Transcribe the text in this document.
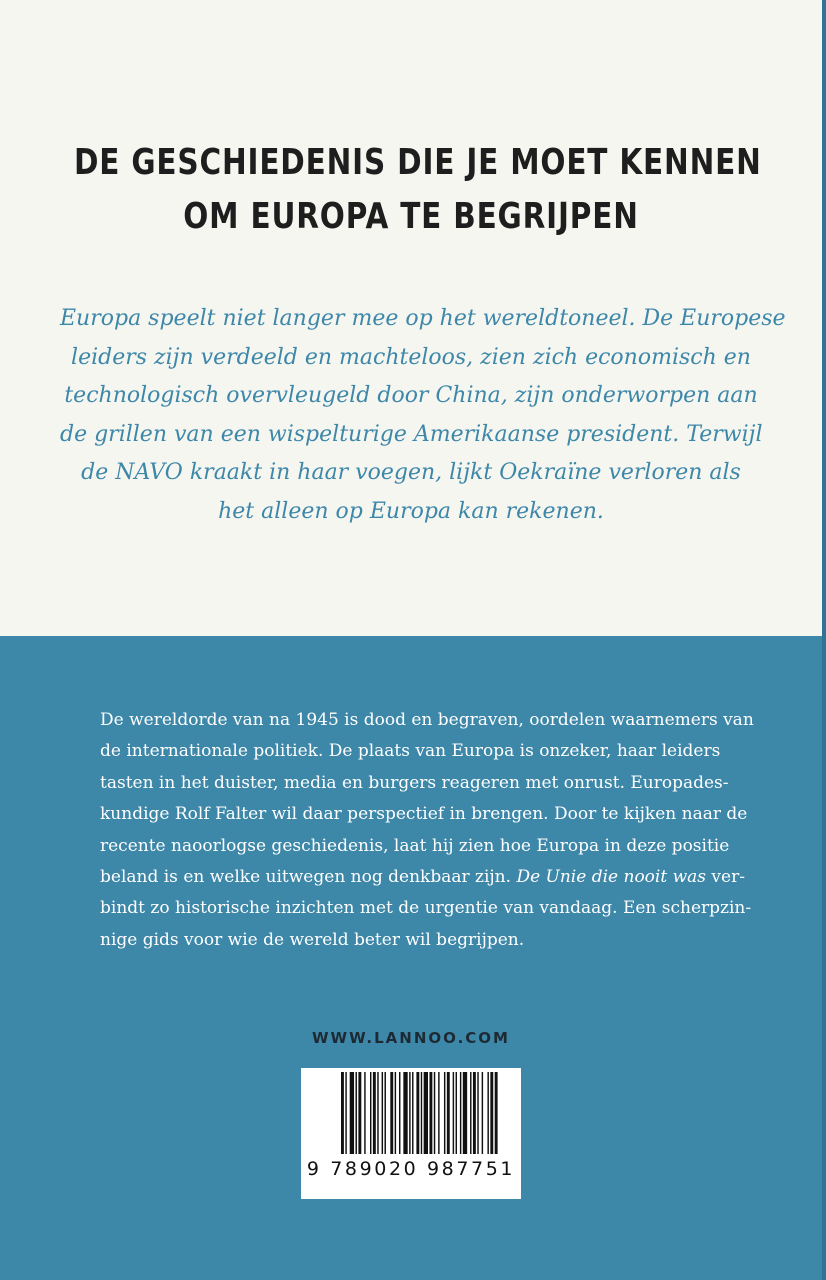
DE GESCHIEDENIS DIE JE MOET KENNEN
OM EUROPA TE BEGRIJPEN
Europa speelt niet langer mee op het wereldtoneel. De Europese
leiders zijn verdeeld en machteloos, zien zich economisch en
technologisch overvleugeld door China, zijn onderworpen aan
de grillen van een wispelturige Amerikaanse president. Terwijl
de NAVO kraakt in haar voegen, lijkt Oekraïne verloren als
het alleen op Europa kan rekenen.
De wereldorde van na 1945 is dood en begraven, oordelen waarnemers van
de internationale politiek. De plaats van Europa is onzeker, haar leiders
tasten in het duister, media en burgers reageren met onrust. Europades-
kundige Rolf Falter wil daar perspectief in brengen. Door te kijken naar de
recente naoorlogse geschiedenis, laat hij zien hoe Europa in deze positie
beland is en welke uitwegen nog denkbaar zijn. De Unie die nooit was ver-
bindt zo historische inzichten met de urgentie van vandaag. Een scherpzin-
nige gids voor wie de wereld beter wil begrijpen.
WWW.LANNOO.COM
9 789020 987751
